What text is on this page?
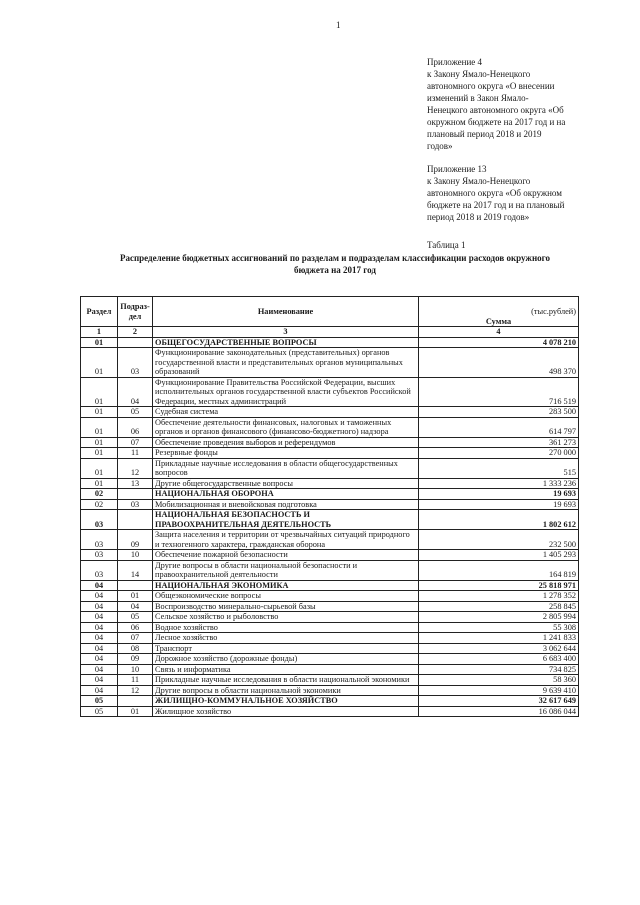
1
Приложение 4
к Закону Ямало-Ненецкого
автономного округа «О внесении
изменений в Закон Ямало-
Ненецкого автономного округа «Об
окружном бюджете на 2017 год и на
плановый период 2018 и 2019
годов»
Приложение 13
к Закону Ямало-Ненецкого
автономного округа «Об окружном
бюджете на 2017 год и на плановый
период 2018 и 2019 годов»
Таблица 1
Распределение бюджетных ассигнований по разделам и подразделам классификации расходов окружного
бюджета на 2017 год
Раздел	Подраз-дел	Наименование	(тыс.рублей)
Сумма

1	2	3	4
01		ОБЩЕГОСУДАРСТВЕННЫЕ ВОПРОСЫ	4 078 210
01	03	Функционирование законодательных (представительных) органов государственной власти и представительных органов муниципальных образований	498 370
01	04	Функционирование Правительства Российской Федерации, высших исполнительных органов государственной власти субъектов Российской Федерации, местных администраций	716 519
01	05	Судебная система	283 500
01	06	Обеспечение деятельности финансовых, налоговых и таможенных органов и органов финансового (финансово-бюджетного) надзора	614 797
01	07	Обеспечение проведения выборов и референдумов	361 273
01	11	Резервные фонды	270 000
01	12	Прикладные научные исследования в области общегосударственных вопросов	515
01	13	Другие общегосударственные вопросы	1 333 236
02		НАЦИОНАЛЬНАЯ ОБОРОНА	19 693
02	03	Мобилизационная и вневойсковая подготовка	19 693
03		НАЦИОНАЛЬНАЯ БЕЗОПАСНОСТЬ И ПРАВООХРАНИТЕЛЬНАЯ ДЕЯТЕЛЬНОСТЬ	1 802 612
03	09	Защита населения и территории от чрезвычайных ситуаций природного и техногенного характера, гражданская оборона	232 500
03	10	Обеспечение пожарной безопасности	1 405 293
03	14	Другие вопросы в области национальной безопасности и правоохранительной деятельности	164 819
04		НАЦИОНАЛЬНАЯ ЭКОНОМИКА	25 818 971
04	01	Общеэкономические вопросы	1 278 352
04	04	Воспроизводство минерально-сырьевой базы	258 845
04	05	Сельское хозяйство и рыболовство	2 805 994
04	06	Водное хозяйство	55 308
04	07	Лесное хозяйство	1 241 833
04	08	Транспорт	3 062 644
04	09	Дорожное хозяйство (дорожные фонды)	6 683 400
04	10	Связь и информатика	734 825
04	11	Прикладные научные исследования в области национальной экономики	58 360
04	12	Другие вопросы в области национальной экономики	9 639 410
05		ЖИЛИЩНО-КОММУНАЛЬНОЕ ХОЗЯЙСТВО	32 617 649
05	01	Жилищное хозяйство	16 086 044
